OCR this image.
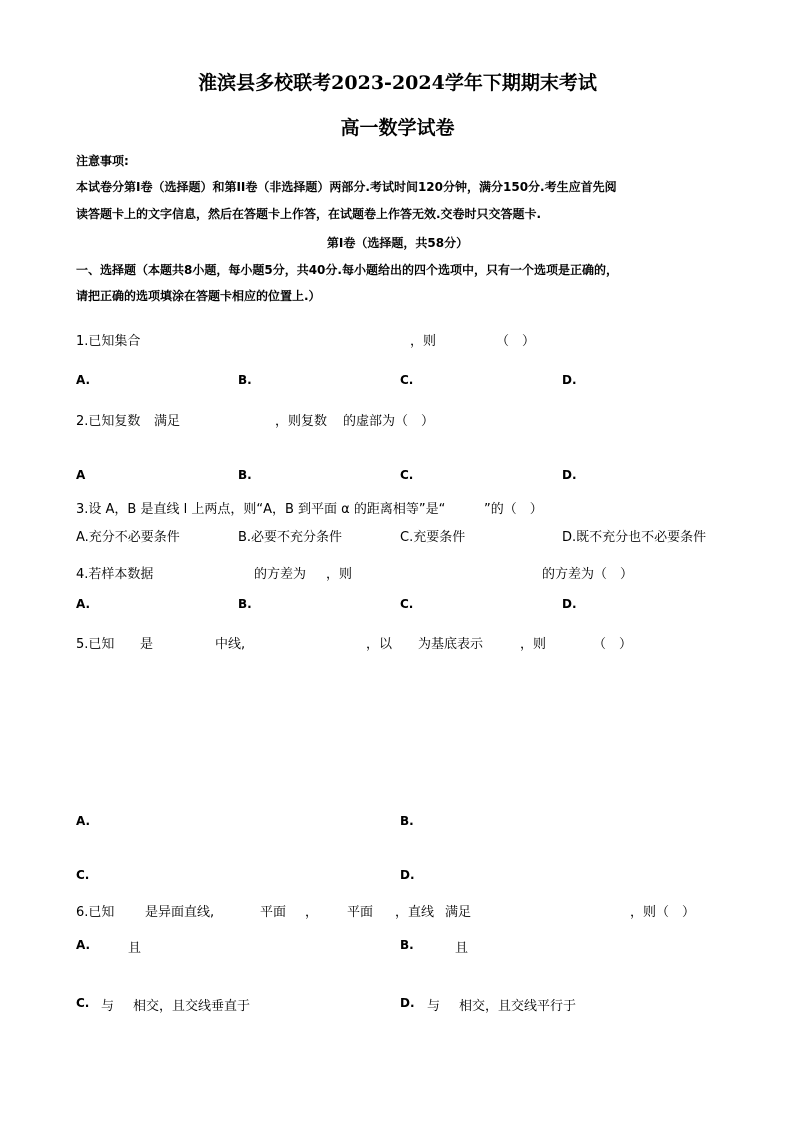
淮滨县多校联考2023-2024学年下期期末考试
高一数学试卷
注意事项:
本试卷分第I卷（选择题）和第II卷（非选择题）两部分.考试时间120分钟，满分150分.考生应首先阅
读答题卡上的文字信息，然后在答题卡上作答，在试题卷上作答无效.交卷时只交答题卡.
第I卷（选择题，共58分）
一、选择题（本题共8小题，每小题5分，共40分.每小题给出的四个选项中，只有一个选项是正确的，
请把正确的选项填涂在答题卡相应的位置上.）
1.已知集合	，则	（　）
A.	B.	C.	D.
2.已知复数 满足	，则复数 的虚部为（　）
A	B.	C.	D.
3.设 A，B 是直线 l 上两点，则“A，B 到平面 α 的距离相等”是“	”的（　）
A.充分不必要条件	B.必要不充分条件	C.充要条件	D.既不充分也不必要条件
4.若样本数据	的方差为 ，则	的方差为（　）
A.	B.	C.	D.
5.已知 是	中线,	，以 为基底表示	，则	（　）
A.	B.
C.	D.
6.已知 是异面直线,	平面 ， 平面 ，直线 满足	，则（　）
A.	且	B.	且
C. 与 相交，且交线垂直于	D. 与 相交，且交线平行于
